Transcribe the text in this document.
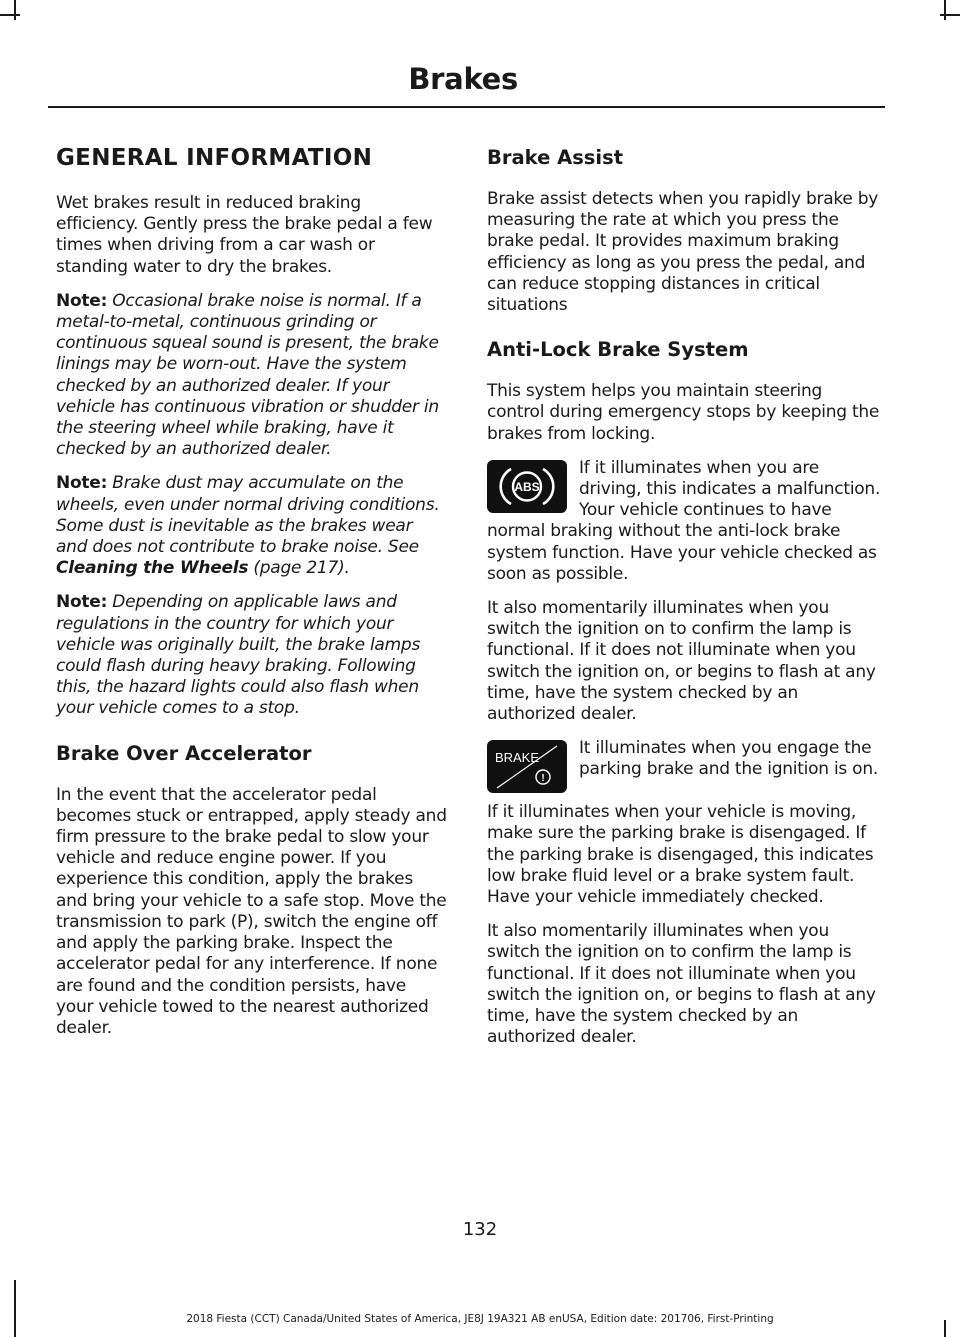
Brakes
GENERAL INFORMATION

Wet brakes result in reduced braking efficiency. Gently press the brake pedal a few times when driving from a car wash or standing water to dry the brakes.

Note: Occasional brake noise is normal. If a metal-to-metal, continuous grinding or continuous squeal sound is present, the brake linings may be worn-out. Have the system checked by an authorized dealer. If your vehicle has continuous vibration or shudder in the steering wheel while braking, have it checked by an authorized dealer.

Note: Brake dust may accumulate on the wheels, even under normal driving conditions. Some dust is inevitable as the brakes wear and does not contribute to brake noise. See Cleaning the Wheels (page 217).

Note: Depending on applicable laws and regulations in the country for which your vehicle was originally built, the brake lamps could flash during heavy braking. Following this, the hazard lights could also flash when your vehicle comes to a stop.

Brake Over Accelerator

In the event that the accelerator pedal becomes stuck or entrapped, apply steady and firm pressure to the brake pedal to slow your vehicle and reduce engine power. If you experience this condition, apply the brakes and bring your vehicle to a safe stop. Move the transmission to park (P), switch the engine off and apply the parking brake. Inspect the accelerator pedal for any interference. If none are found and the condition persists, have your vehicle towed to the nearest authorized dealer.

Brake Assist

Brake assist detects when you rapidly brake by measuring the rate at which you press the brake pedal. It provides maximum braking efficiency as long as you press the pedal, and can reduce stopping distances in critical situations

Anti-Lock Brake System

This system helps you maintain steering control during emergency stops by keeping the brakes from locking.

ABS

If it illuminates when you are driving, this indicates a malfunction. Your vehicle continues to have normal braking without the anti-lock brake system function. Have your vehicle checked as soon as possible.

It also momentarily illuminates when you switch the ignition on to confirm the lamp is functional. If it does not illuminate when you switch the ignition on, or begins to flash at any time, have the system checked by an authorized dealer.

BRAKE
!

It illuminates when you engage the parking brake and the ignition is on.

If it illuminates when your vehicle is moving, make sure the parking brake is disengaged. If the parking brake is disengaged, this indicates low brake fluid level or a brake system fault. Have your vehicle immediately checked.

It also momentarily illuminates when you switch the ignition on to confirm the lamp is functional. If it does not illuminate when you switch the ignition on, or begins to flash at any time, have the system checked by an authorized dealer.

132
2018 Fiesta (CCT) Canada/United States of America, JE8J 19A321 AB enUSA, Edition date: 201706, First-Printing
